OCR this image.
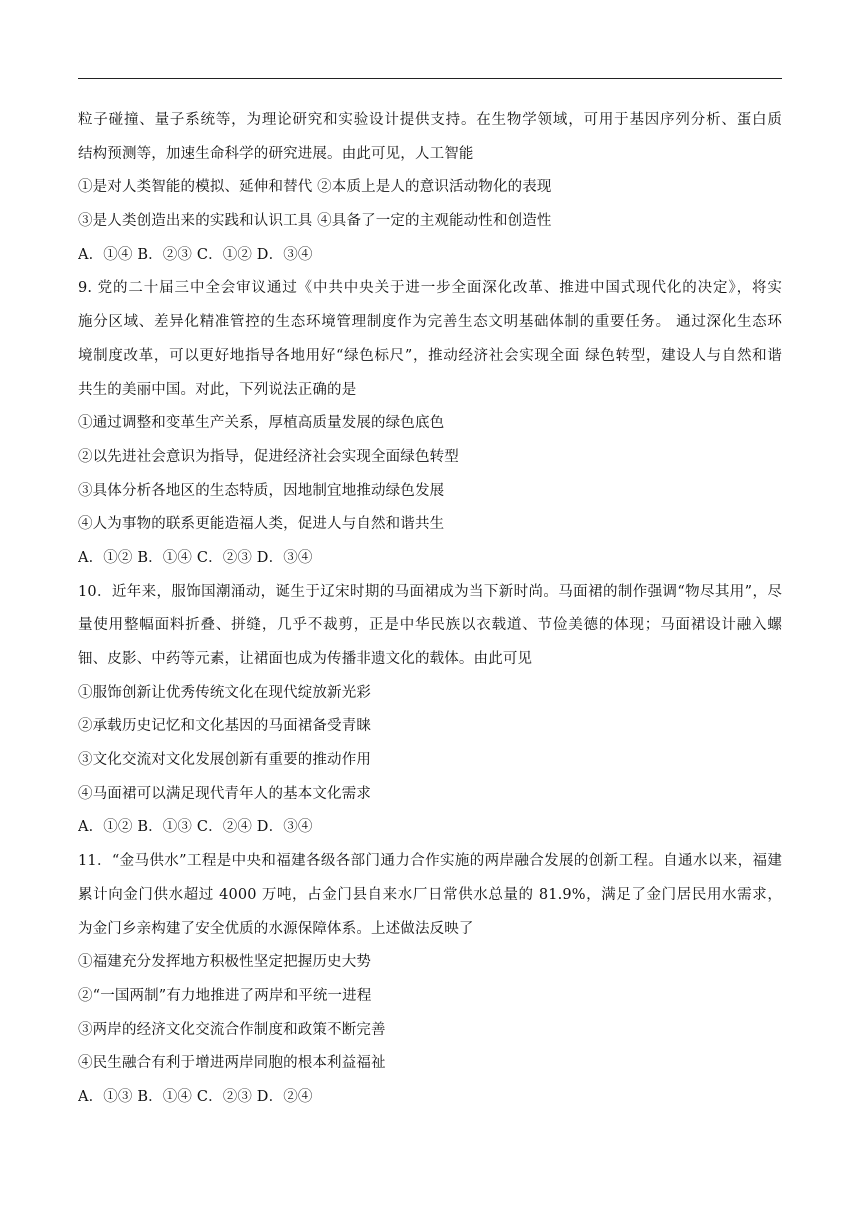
粒子碰撞、量子系统等，为理论研究和实验设计提供支持。在生物学领域，可用于基因序列分析、蛋白质
结构预测等，加速生命科学的研究进展。由此可见，人工智能
①是对人类智能的模拟、延伸和替代 ②本质上是人的意识活动物化的表现
③是人类创造出来的实践和认识工具 ④具备了一定的主观能动性和创造性
A．①④ B．②③ C．①② D．③④
9. 党的二十届三中全会审议通过《中共中央关于进一步全面深化改革、推进中国式现代化的决定》，将实
施分区域、差异化精准管控的生态环境管理制度作为完善生态文明基础体制的重要任务。 通过深化生态环
境制度改革，可以更好地指导各地用好“绿色标尺”，推动经济社会实现全面 绿色转型，建设人与自然和谐
共生的美丽中国。对此，下列说法正确的是
①通过调整和变革生产关系，厚植高质量发展的绿色底色
②以先进社会意识为指导，促进经济社会实现全面绿色转型
③具体分析各地区的生态特质，因地制宜地推动绿色发展
④人为事物的联系更能造福人类，促进人与自然和谐共生
A．①② B．①④ C．②③ D．③④
10．近年来，服饰国潮涌动，诞生于辽宋时期的马面裙成为当下新时尚。马面裙的制作强调“物尽其用”，尽
量使用整幅面料折叠、拼缝，几乎不裁剪，正是中华民族以衣载道、节俭美德的体现；马面裙设计融入螺
钿、皮影、中药等元素，让裙面也成为传播非遗文化的载体。由此可见
①服饰创新让优秀传统文化在现代绽放新光彩
②承载历史记忆和文化基因的马面裙备受青睐
③文化交流对文化发展创新有重要的推动作用
④马面裙可以满足现代青年人的基本文化需求
A．①② B．①③ C．②④ D．③④
11．“金马供水”工程是中央和福建各级各部门通力合作实施的两岸融合发展的创新工程。自通水以来，福建
累计向金门供水超过 4000 万吨，占金门县自来水厂日常供水总量的 81.9%，满足了金门居民用水需求，
为金门乡亲构建了安全优质的水源保障体系。上述做法反映了
①福建充分发挥地方积极性坚定把握历史大势
②“一国两制”有力地推进了两岸和平统一进程
③两岸的经济文化交流合作制度和政策不断完善
④民生融合有利于增进两岸同胞的根本利益福祉
A．①③ B．①④ C．②③ D．②④
